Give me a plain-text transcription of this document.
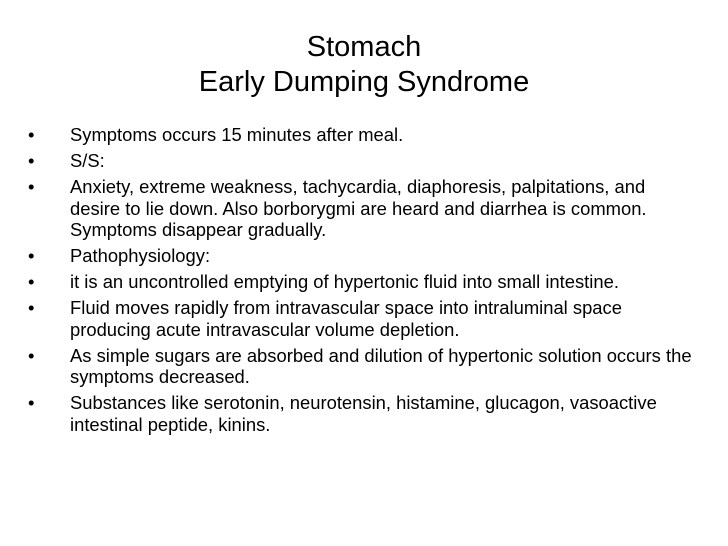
Stomach
Early Dumping Syndrome
•	Symptoms occurs 15 minutes after meal.
•	S/S:
•	Anxiety, extreme weakness, tachycardia, diaphoresis, palpitations, and desire to lie down. Also borborygmi are heard and diarrhea is common. Symptoms disappear gradually.
•	Pathophysiology:
•	it is an uncontrolled emptying of hypertonic fluid into small intestine.
•	Fluid moves rapidly from intravascular space into intraluminal space producing acute intravascular volume depletion.
•	As simple sugars are absorbed and dilution of hypertonic solution occurs the symptoms decreased.
•	Substances like serotonin, neurotensin, histamine, glucagon, vasoactive intestinal peptide, kinins.
